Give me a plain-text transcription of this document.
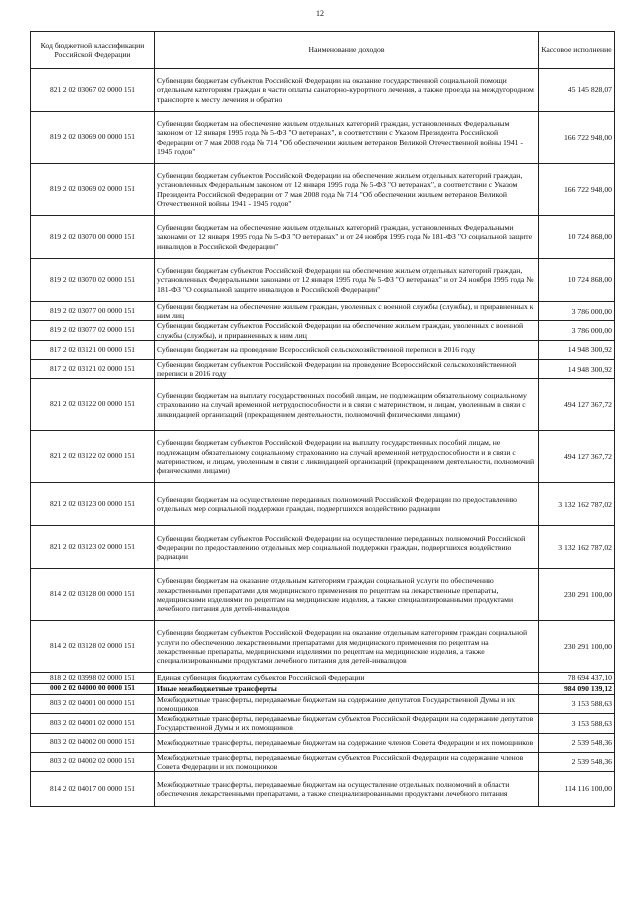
12
Код бюджетной классификации Российской Федерации	Наименование доходов	Кассовое исполнение
821 2 02 03067 02 0000 151	Субвенции бюджетам субъектов Российской Федерации на оказание государственной социальной помощи отдельным категориям граждан в части оплаты санаторно-курортного лечения, а также проезда на междугородном транспорте к месту лечения и обратно	45 145 828,07
819 2 02 03069 00 0000 151	Субвенции бюджетам на обеспечение жильем отдельных категорий граждан, установленных Федеральным законом от 12 января 1995 года № 5-ФЗ "О ветеранах", в соответствии с Указом Президента Российской Федерации от 7 мая 2008 года № 714 "Об обеспечении жильем ветеранов Великой Отечественной войны 1941 - 1945 годов"	166 722 948,00
819 2 02 03069 02 0000 151	Субвенции бюджетам субъектов Российской Федерации на обеспечение жильем отдельных категорий граждан, установленных Федеральным законом от 12 января 1995 года № 5-ФЗ "О ветеранах", в соответствии с Указом Президента Российской Федерации от 7 мая 2008 года № 714 "Об обеспечении жильем ветеранов Великой Отечественной войны 1941 - 1945 годов"	166 722 948,00
819 2 02 03070 00 0000 151	Субвенции бюджетам на обеспечение жильем отдельных категорий граждан, установленных Федеральными законами от 12 января 1995 года № 5-ФЗ "О ветеранах" и от 24 ноября 1995 года № 181-ФЗ "О социальной защите инвалидов в Российской Федерации"	10 724 868,00
819 2 02 03070 02 0000 151	Субвенции бюджетам субъектов Российской Федерации на обеспечение жильем отдельных категорий граждан, установленных Федеральными законами от 12 января 1995 года № 5-ФЗ "О ветеранах" и от 24 ноября 1995 года № 181-ФЗ "О социальной защите инвалидов в Российской Федерации"	10 724 868,00
819 2 02 03077 00 0000 151	Субвенции бюджетам на обеспечение жильем граждан, уволенных с военной службы (службы), и приравненных к ним лиц	3 786 000,00
819 2 02 03077 02 0000 151	Субвенции бюджетам субъектов Российской Федерации на обеспечение жильем граждан, уволенных с военной службы (службы), и приравненных к ним лиц	3 786 000,00
817 2 02 03121 00 0000 151	Субвенции бюджетам на проведение Всероссийской сельскохозяйственной переписи в 2016 году	14 948 300,92
817 2 02 03121 02 0000 151	Субвенции бюджетам субъектов Российской Федерации на проведение Всероссийской сельскохозяйственной переписи в 2016 году	14 948 300,92
821 2 02 03122 00 0000 151	Субвенции бюджетам на выплату государственных пособий лицам, не подлежащим обязательному социальному страхованию на случай временной нетрудоспособности и в связи с материнством, и лицам, уволенным в связи с ликвидацией организаций (прекращением деятельности, полномочий физическими лицами)	494 127 367,72
821 2 02 03122 02 0000 151	Субвенции бюджетам субъектов Российской Федерации на выплату государственных пособий лицам, не подлежащим обязательному социальному страхованию на случай временной нетрудоспособности и в связи с материнством, и лицам, уволенным в связи с ликвидацией организаций (прекращением деятельности, полномочий физическими лицами)	494 127 367,72
821 2 02 03123 00 0000 151	Субвенции бюджетам на осуществление переданных полномочий Российской Федерации по предоставлению отдельных мер социальной поддержки граждан, подвергшихся воздействию радиации	3 132 162 787,02
821 2 02 03123 02 0000 151	Субвенции бюджетам субъектов Российской Федерации на осуществление переданных полномочий Российской Федерации по предоставлению отдельных мер социальной поддержки граждан, подвергшихся воздействию радиации	3 132 162 787,02
814 2 02 03128 00 0000 151	Субвенции бюджетам на оказание отдельным категориям граждан социальной услуги по обеспечению лекарственными препаратами для медицинского применения по рецептам на лекарственные препараты, медицинскими изделиями по рецептам на медицинские изделия, а также специализированными продуктами лечебного питания для детей-инвалидов	230 291 100,00
814 2 02 03128 02 0000 151	Субвенции бюджетам субъектов Российской Федерации на оказание отдельным категориям граждан социальной услуги по обеспечению лекарственными препаратами для медицинского применения по рецептам на лекарственные препараты, медицинскими изделиями по рецептам на медицинские изделия, а также специализированными продуктами лечебного питания для детей-инвалидов	230 291 100,00
818 2 02 03998 02 0000 151	Единая субвенция бюджетам субъектов Российской Федерации	78 694 437,10
000 2 02 04000 00 0000 151	Иные межбюджетные трансферты	984 090 139,12
803 2 02 04001 00 0000 151	Межбюджетные трансферты, передаваемые бюджетам на содержание депутатов Государственной Думы и их помощников	3 153 588,63
803 2 02 04001 02 0000 151	Межбюджетные трансферты, передаваемые бюджетам субъектов Российской Федерации на содержание депутатов Государственной Думы и их помощников	3 153 588,63
803 2 02 04002 00 0000 151	Межбюджетные трансферты, передаваемые бюджетам на содержание членов Совета Федерации и их помощников	2 539 548,36
803 2 02 04002 02 0000 151	Межбюджетные трансферты, передаваемые бюджетам субъектов Российской Федерации на содержание членов Совета Федерации и их помощников	2 539 548,36
814 2 02 04017 00 0000 151	Межбюджетные трансферты, передаваемые бюджетам на осуществление отдельных полномочий в области обеспечения лекарственными препаратами, а также специализированными продуктами лечебного питания	114 116 100,00
